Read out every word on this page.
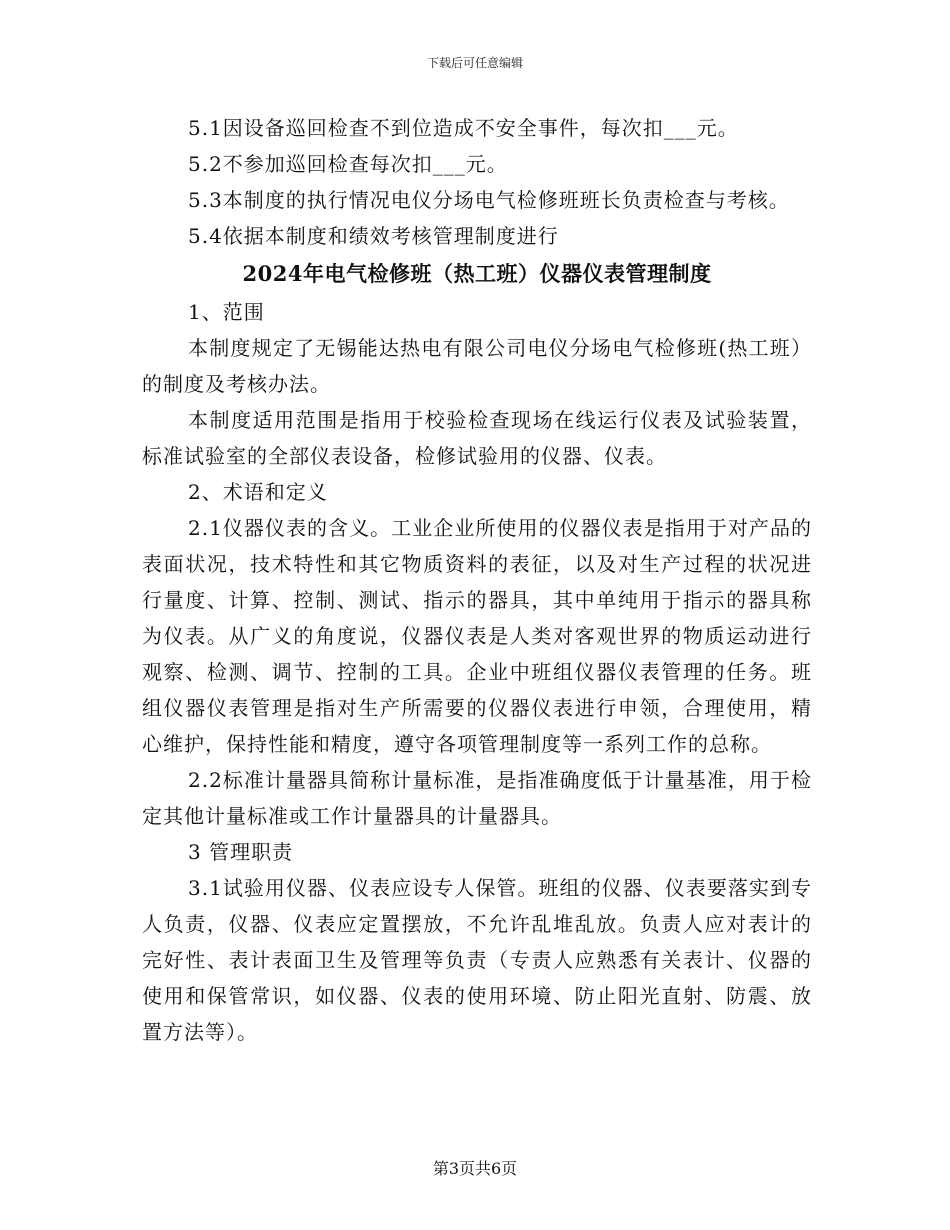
下载后可任意编辑

5.1因设备巡回检查不到位造成不安全事件，每次扣___元。

5.2不参加巡回检查每次扣___元。

5.3本制度的执行情况电仪分场电气检修班班长负责检查与考核。

5.4依据本制度和绩效考核管理制度进行

2024年电气检修班（热工班）仪器仪表管理制度

1、范围

本制度规定了无锡能达热电有限公司电仪分场电气检修班(热工班）的制度及考核办法。

本制度适用范围是指用于校验检查现场在线运行仪表及试验装置，标准试验室的全部仪表设备，检修试验用的仪器、仪表。

2、术语和定义

2.1仪器仪表的含义。工业企业所使用的仪器仪表是指用于对产品的表面状况，技术特性和其它物质资料的表征，以及对生产过程的状况进行量度、计算、控制、测试、指示的器具，其中单纯用于指示的器具称为仪表。从广义的角度说，仪器仪表是人类对客观世界的物质运动进行观察、检测、调节、控制的工具。企业中班组仪器仪表管理的任务。班组仪器仪表管理是指对生产所需要的仪器仪表进行申领，合理使用，精心维护，保持性能和精度，遵守各项管理制度等一系列工作的总称。

2.2标准计量器具简称计量标准，是指准确度低于计量基准，用于检定其他计量标准或工作计量器具的计量器具。

3 管理职责

3.1试验用仪器、仪表应设专人保管。班组的仪器、仪表要落实到专人负责，仪器、仪表应定置摆放，不允许乱堆乱放。负责人应对表计的完好性、表计表面卫生及管理等负责（专责人应熟悉有关表计、仪器的使用和保管常识，如仪器、仪表的使用环境、防止阳光直射、防震、放置方法等）。

第3页共6页
